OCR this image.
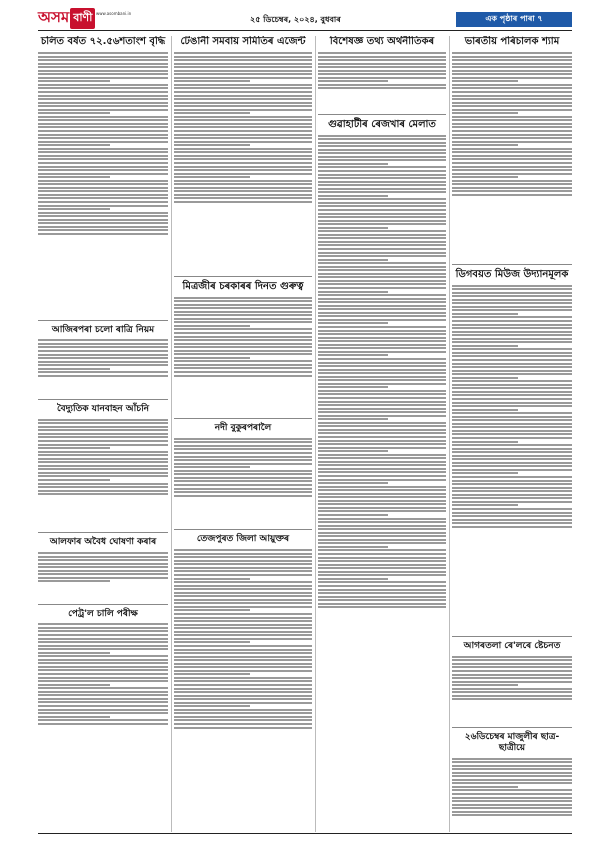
অসম বাণী www.asombani.in
২৫ ডিচেম্বৰ, ২০২৪, বুধবাৰ	এক পৃষ্ঠাৰ পাৰা ৭
চলিত বৰ্ষত ৭২.৫৬শতাংশ বৃদ্ধি
আজিৰপৰা চলো ৰাত্ৰি নিয়ম
বৈদ্যুতিক যানবাহন আঁচনি
আলফাৰ অবৈধ ঘোষণা কৰাৰ
পেট্ৰ'ল চালি পৰীক্ষ
টেঙানী সমবায় সমিতিৰ এজেন্ট
মিত্ৰজীৰ চৰকাৰৰ দিনত গুৰুত্ব
নদী বুকুৰপৰালৈ
তেজপুৰত জিলা আয়ুক্তৰ
বিশেষজ্ঞ তথ্য অৰ্থনীতিকৰ
গুৱাহাটীৰ ৰেজখাৰ মেলাত
ভাৰতীয় পৰিচালক শ্যাম
ডিগবয়ত মিউজ উদ্যানমূলক
আগৰতলা ৰে'লৰে ষ্টেচনত
২৬ডিচেম্বৰ মাজুলীৰ ছাত্ৰ-ছাত্ৰীয়ে
